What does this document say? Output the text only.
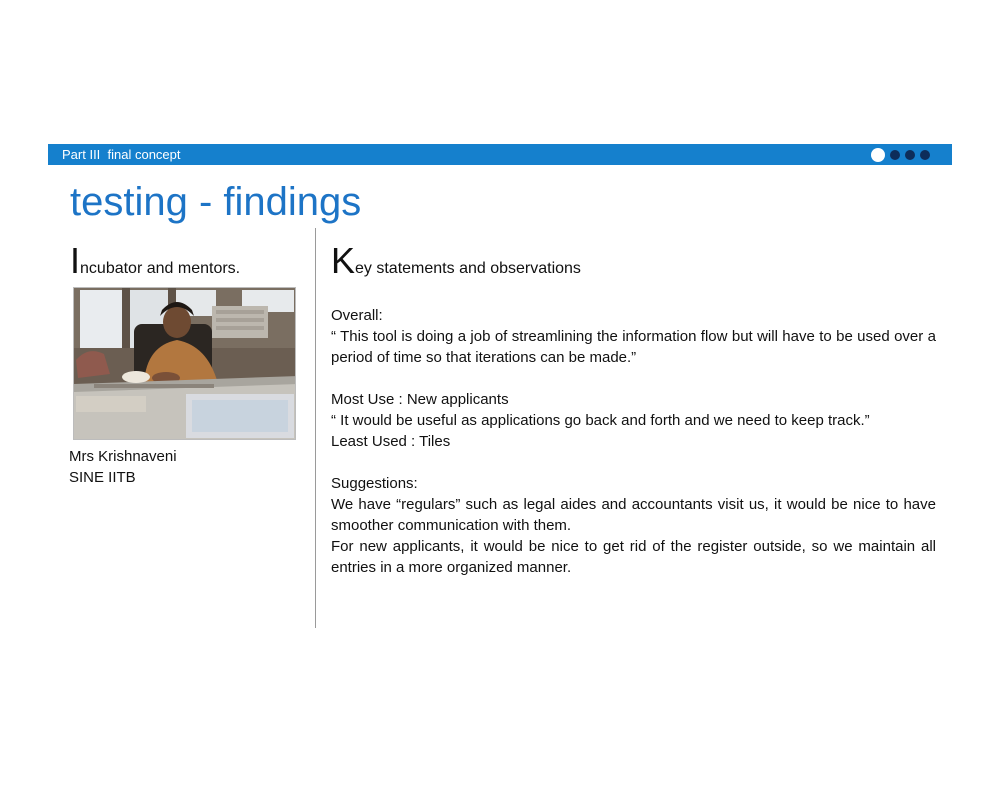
Part III  final concept
testing - findings
Incubator and mentors.
Mrs Krishnaveni
SINE IITB
Key statements and observations

Overall:

“ This tool is doing a job of streamlining the information flow but will have to be used over a period of time so that iterations can be made.”

Most Use : New applicants

“ It would be useful as applications go back and forth and we need to keep track.”

Least Used : Tiles

Suggestions:

We have “regulars” such as legal aides and accountants visit us, it would be nice to have smoother communication with them.

For new applicants, it would be nice to get rid of the register outside, so we maintain all entries in a more organized manner.
